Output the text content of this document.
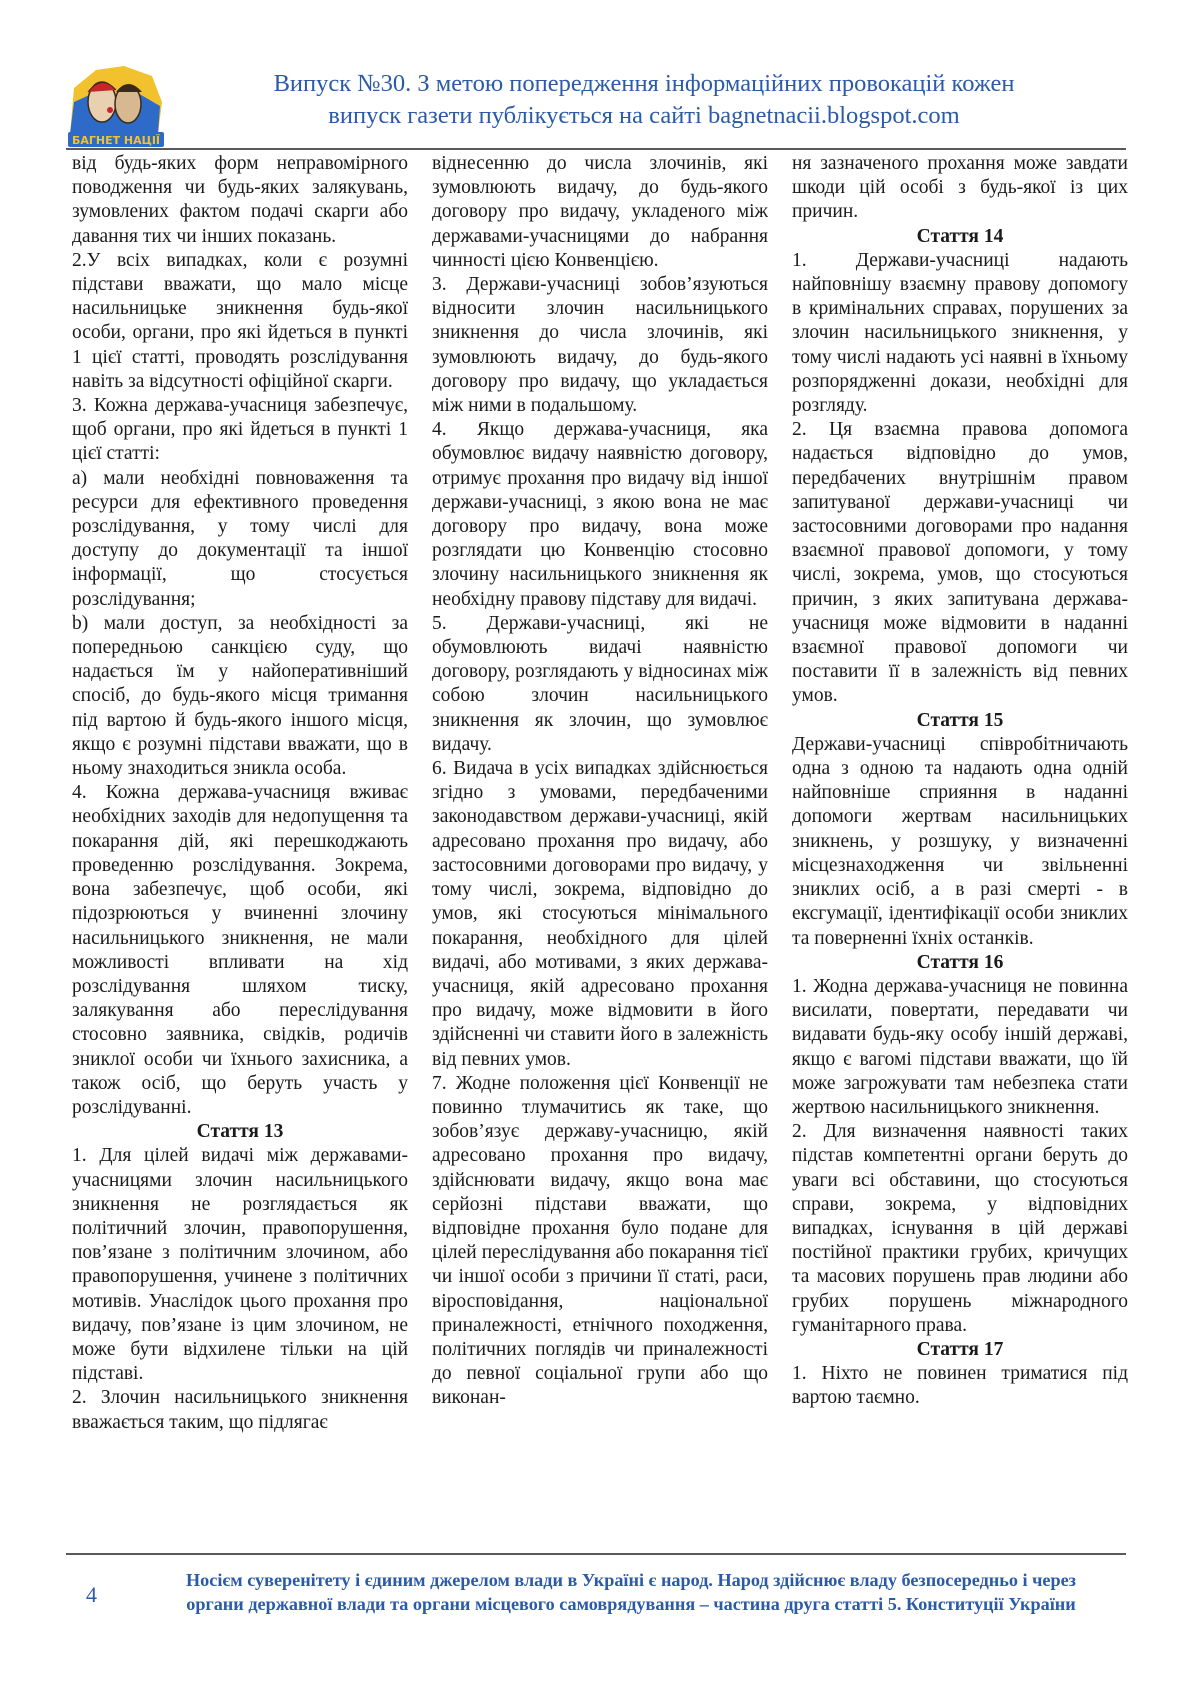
БАГНЕТ НАЦІЇ
Випуск №30. З метою попередження інформаційних провокацій кожен
випуск газети публікується на сайті bagnetnacii.blogspot.com

від будь-яких форм неправомірного поводження чи будь-яких залякувань, зумовлених фактом подачі скарги або давання тих чи інших показань.

2.У всіх випадках, коли є розумні підстави вважати, що мало місце насильницьке зникнення будь-якої особи, органи, про які йдеться в пункті 1 цієї статті, проводять розслідування навіть за відсутності офіційної скарги.

3. Кожна держава-учасниця забезпечує, щоб органи, про які йдеться в пункті 1 цієї статті:

a) мали необхідні повноваження та ресурси для ефективного проведення розслідування, у тому числі для доступу до документації та іншої інформації, що стосується розслідування;

b) мали доступ, за необхідності за попередньою санкцією суду, що надається їм у найоперативніший спосіб, до будь-якого місця тримання під вартою й будь-якого іншого місця, якщо є розумні підстави вважати, що в ньому знаходиться зникла особа.

4. Кожна держава-учасниця вживає необхідних заходів для недопущення та покарання дій, які перешкоджають проведенню розслідування. Зокрема, вона забезпечує, щоб особи, які підозрюються у вчиненні злочину насильницького зникнення, не мали можливості впливати на хід розслідування шляхом тиску, залякування або переслідування стосовно заявника, свідків, родичів зниклої особи чи їхнього захисника, а також осіб, що беруть участь у розслідуванні.

Стаття 13

1. Для цілей видачі між державами-учасницями злочин насильницького зникнення не розглядається як політичний злочин, правопорушення, пов’язане з політичним злочином, або правопорушення, учинене з політичних мотивів. Унаслідок цього прохання про видачу, пов’язане із цим злочином, не може бути відхилене тільки на цій підставі.

2. Злочин насильницького зникнення вважається таким, що підлягає

віднесенню до числа злочинів, які зумовлюють видачу, до будь-якого договору про видачу, укладеного між державами-учасницями до набрання чинності цією Конвенцією.

3. Держави-учасниці зобов’язуються відносити злочин насильницького зникнення до числа злочинів, які зумовлюють видачу, до будь-якого договору про видачу, що укладається між ними в подальшому.

4. Якщо держава-учасниця, яка обумовлює видачу наявністю договору, отримує прохання про видачу від іншої держави-учасниці, з якою вона не має договору про видачу, вона може розглядати цю Конвенцію стосовно злочину насильницького зникнення як необхідну правову підставу для видачі.

5. Держави-учасниці, які не обумовлюють видачі наявністю договору, розглядають у відносинах між собою злочин насильницького зникнення як злочин, що зумовлює видачу.

6. Видача в усіх випадках здійснюється згідно з умовами, передбаченими законодавством держави-учасниці, якій адресовано прохання про видачу, або застосовними договорами про видачу, у тому числі, зокрема, відповідно до умов, які стосуються мінімального покарання, необхідного для цілей видачі, або мотивами, з яких держава-учасниця, якій адресовано прохання про видачу, може відмовити в його здійсненні чи ставити його в залежність від певних умов.

7. Жодне положення цієї Конвенції не повинно тлумачитись як таке, що зобов’язує державу-учасницю, якій адресовано прохання про видачу, здійснювати видачу, якщо вона має серйозні підстави вважати, що відповідне прохання було подане для цілей переслідування або покарання тієї чи іншої особи з причини її статі, раси, віросповідання, національної приналежності, етнічного походження, політичних поглядів чи приналежності до певної соціальної групи або що виконан-

ня зазначеного прохання може завдати шкоди цій особі з будь-якої із цих причин.

Стаття 14

1. Держави-учасниці надають найповнішу взаємну правову допомогу в кримінальних справах, порушених за злочин насильницького зникнення, у тому числі надають усі наявні в їхньому розпорядженні докази, необхідні для розгляду.

2. Ця взаємна правова допомога надається відповідно до умов, передбачених внутрішнім правом запитуваної держави-учасниці чи застосовними договорами про надання взаємної правової допомоги, у тому числі, зокрема, умов, що стосуються причин, з яких запитувана держава-учасниця може відмовити в наданні взаємної правової допомоги чи поставити її в залежність від певних умов.

Стаття 15

Держави-учасниці співробітничають одна з одною та надають одна одній найповніше сприяння в наданні допомоги жертвам насильницьких зникнень, у розшуку, у визначенні місцезнаходження чи звільненні зниклих осіб, а в разі смерті - в ексгумації, ідентифікації особи зниклих та поверненні їхніх останків.

Стаття 16

1. Жодна держава-учасниця не повинна висилати, повертати, передавати чи видавати будь-яку особу іншій державі, якщо є вагомі підстави вважати, що їй може загрожувати там небезпека стати жертвою насильницького зникнення.

2. Для визначення наявності таких підстав компетентні органи беруть до уваги всі обставини, що стосуються справи, зокрема, у відповідних випадках, існування в цій державі постійної практики грубих, кричущих та масових порушень прав людини або грубих порушень міжнародного гуманітарного права.

Стаття 17

1. Ніхто не повинен триматися під вартою таємно.

4
Носієм суверенітету і єдиним джерелом влади в Україні є народ. Народ здійснює владу безпосередньо і через
органи державної влади та органи місцевого самоврядування – частина друга статті 5. Конституції України
